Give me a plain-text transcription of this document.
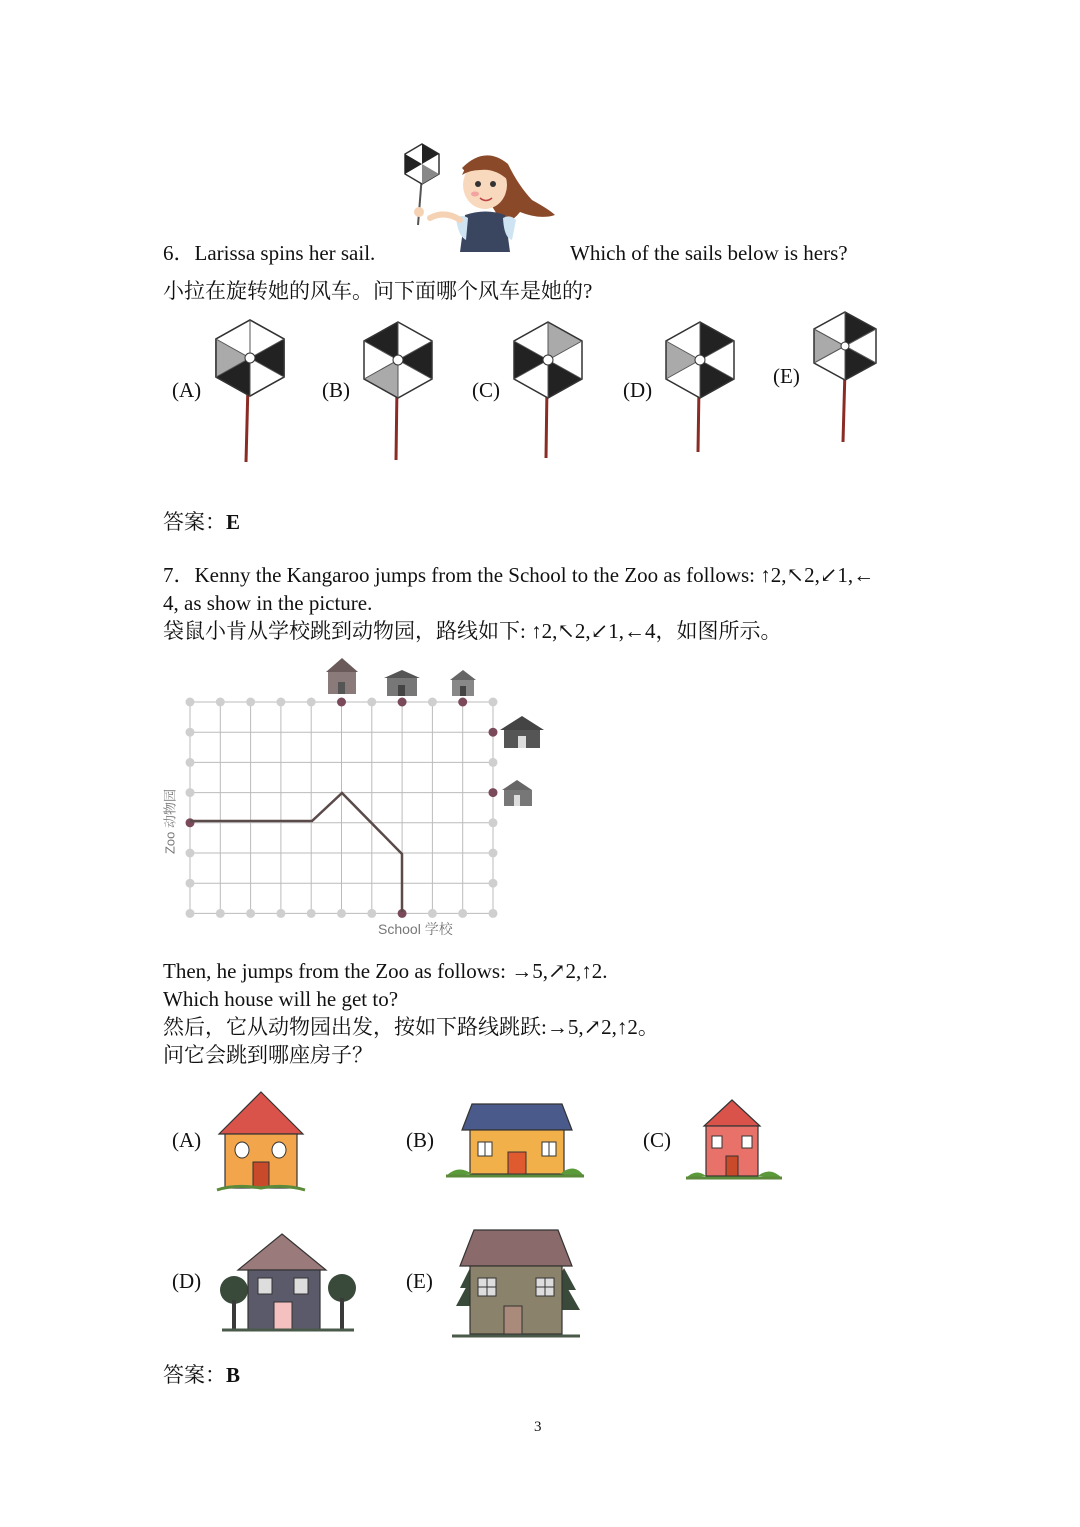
6．Larissa spins her sail.	Which of the sails below is hers?
小拉在旋转她的风车。问下面哪个风车是她的?
(A)	(B)	(C)	(D)
(E)
答案：E
7．Kenny the Kangaroo jumps from the School to the Zoo as follows: ↑2,↖2,↙1,←
4, as show in the picture.
袋鼠小肯从学校跳到动物园，路线如下: ↑2,↖2,↙1,←4，如图所示。
Zoo 动物园
School 学校
Then, he jumps from the Zoo as follows: →5,↗2,↑2.
Which house will he get to?
然后，它从动物园出发，按如下路线跳跃:→5,↗2,↑2。
问它会跳到哪座房子？
(A)	(B)	(C)
(D)	(E)
答案：B
3
